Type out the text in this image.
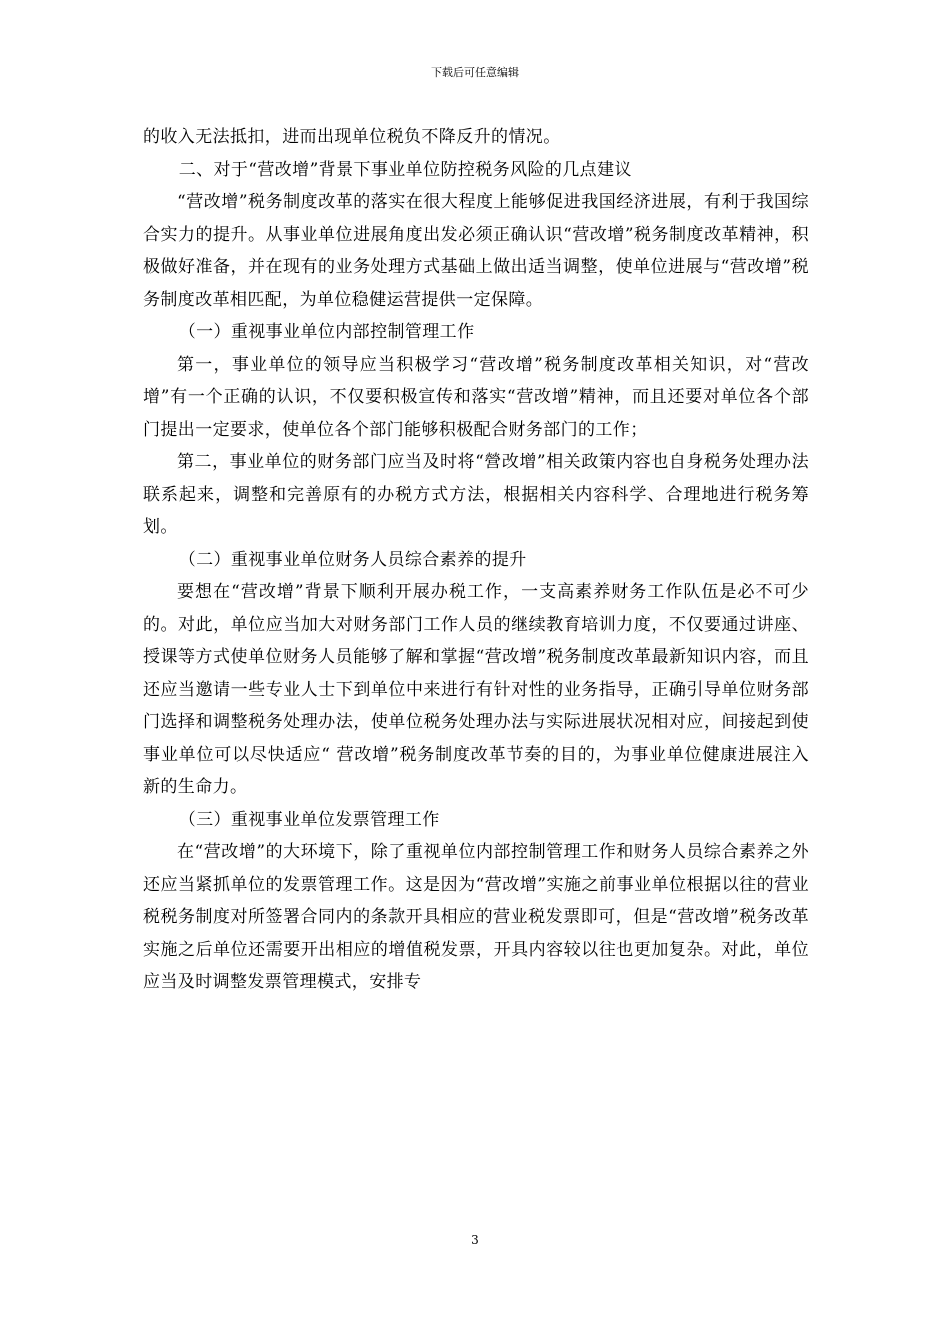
下载后可任意编辑

的收入无法抵扣，进而出现单位税负不降反升的情况。

二、对于“营改增”背景下事业单位防控税务风险的几点建议

“营改增”税务制度改革的落实在很大程度上能够促进我国经济进展，有利于我国综合实力的提升。从事业单位进展角度出发必须正确认识“营改增”税务制度改革精神，积极做好准备，并在现有的业务处理方式基础上做出适当调整，使单位进展与“营改增”税务制度改革相匹配，为单位稳健运营提供一定保障。

（一）重视事业单位内部控制管理工作

第一，事业单位的领导应当积极学习“营改增”税务制度改革相关知识，对“营改增”有一个正确的认识，不仅要积极宣传和落实“营改增”精神，而且还要对单位各个部门提出一定要求，使单位各个部门能够积极配合财务部门的工作；

第二，事业单位的财务部门应当及时将“營改增”相关政策内容也自身税务处理办法联系起来，调整和完善原有的办税方式方法，根据相关内容科学、合理地进行税务筹划。

（二）重视事业单位财务人员综合素养的提升

要想在“营改增”背景下顺利开展办税工作，一支高素养财务工作队伍是必不可少的。对此，单位应当加大对财务部门工作人员的继续教育培训力度，不仅要通过讲座、授课等方式使单位财务人员能够了解和掌握“营改增”税务制度改革最新知识内容，而且还应当邀请一些专业人士下到单位中来进行有针对性的业务指导，正确引导单位财务部门选择和调整税务处理办法，使单位税务处理办法与实际进展状况相对应，间接起到使事业单位可以尽快适应“ 营改增”税务制度改革节奏的目的，为事业单位健康进展注入新的生命力。

（三）重视事业单位发票管理工作

在“营改增”的大环境下，除了重视单位内部控制管理工作和财务人员综合素养之外还应当紧抓单位的发票管理工作。这是因为“营改增”实施之前事业单位根据以往的营业税税务制度对所签署合同内的条款开具相应的营业税发票即可，但是“营改增”税务改革实施之后单位还需要开出相应的增值税发票，开具内容较以往也更加复杂。对此，单位应当及时调整发票管理模式，安排专

3
